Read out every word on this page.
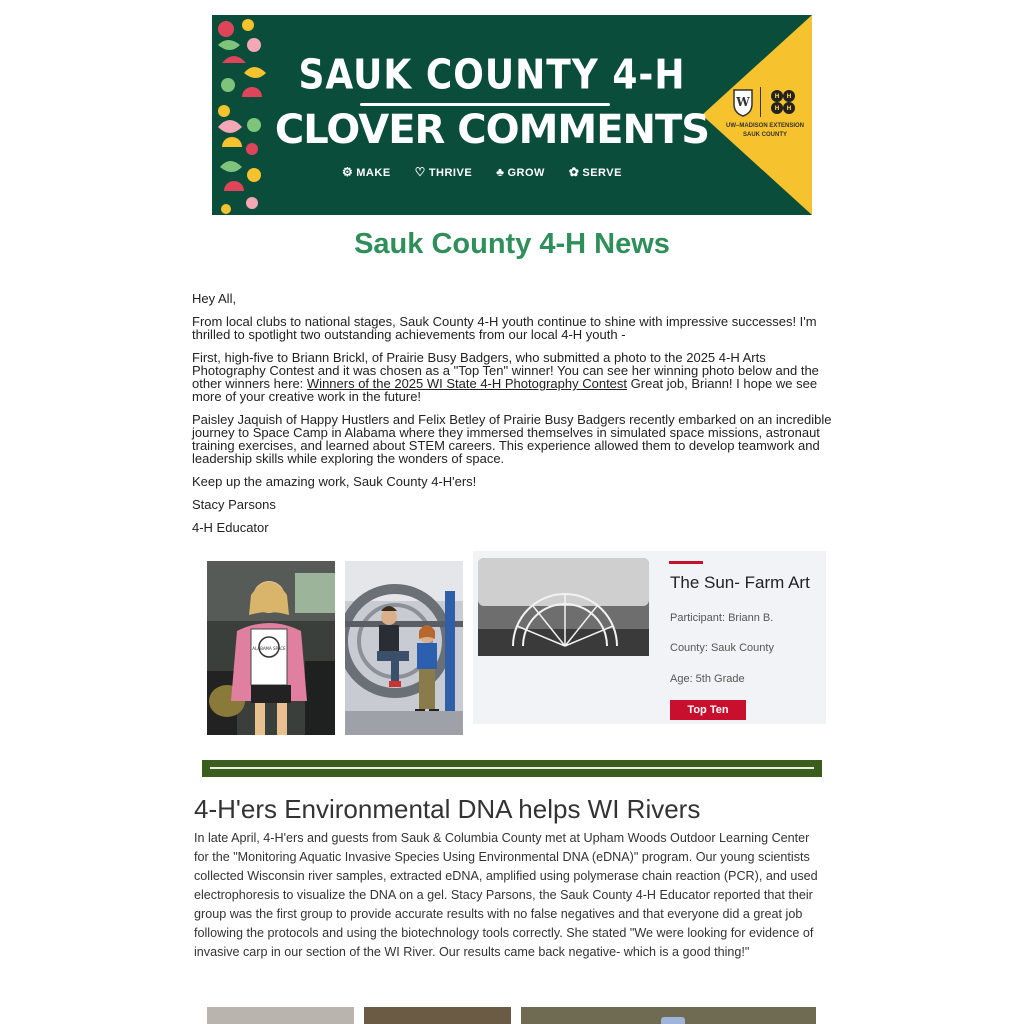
SAUK COUNTY 4-H
CLOVER COMMENTS
⚙ MAKE ♡ THRIVE ♣ GROW ✿ SERVE
W	H H
H H
UW–MADISON EXTENSION
SAUK COUNTY
Sauk County 4-H News

Hey All,

From local clubs to national stages, Sauk County 4-H youth continue to shine with impressive successes! I'm thrilled to spotlight two outstanding achievements from our local 4-H youth -

First, high-five to Briann Brickl, of Prairie Busy Badgers, who submitted a photo to the 2025 4-H Arts Photography Contest and it was chosen as a "Top Ten" winner! You can see her winning photo below and the other winners here: Winners of the 2025 WI State 4-H Photography Contest Great job, Briann! I hope we see more of your creative work in the future!

Paisley Jaquish of Happy Hustlers and Felix Betley of Prairie Busy Badgers recently embarked on an incredible journey to Space Camp in Alabama where they immersed themselves in simulated space missions, astronaut training exercises, and learned about STEM careers. This experience allowed them to develop teamwork and leadership skills while exploring the wonders of space.

Keep up the amazing work, Sauk County 4-H'ers!

Stacy Parsons

4-H Educator

ALABAMA SPACE
The Sun- Farm Art
Participant: Briann B.
County: Sauk County
Age: 5th Grade
Top Ten
4-H'ers Environmental DNA helps WI Rivers

In late April, 4-H'ers and guests from Sauk & Columbia County met at Upham Woods Outdoor Learning Center for the "Monitoring Aquatic Invasive Species Using Environmental DNA (eDNA)" program. Our young scientists collected Wisconsin river samples, extracted eDNA, amplified using polymerase chain reaction (PCR), and used electrophoresis to visualize the DNA on a gel. Stacy Parsons, the Sauk County 4-H Educator reported that their group was the first group to provide accurate results with no false negatives and that everyone did a great job following the protocols and using the biotechnology tools correctly. She stated "We were looking for evidence of invasive carp in our section of the WI River. Our results came back negative- which is a good thing!"
